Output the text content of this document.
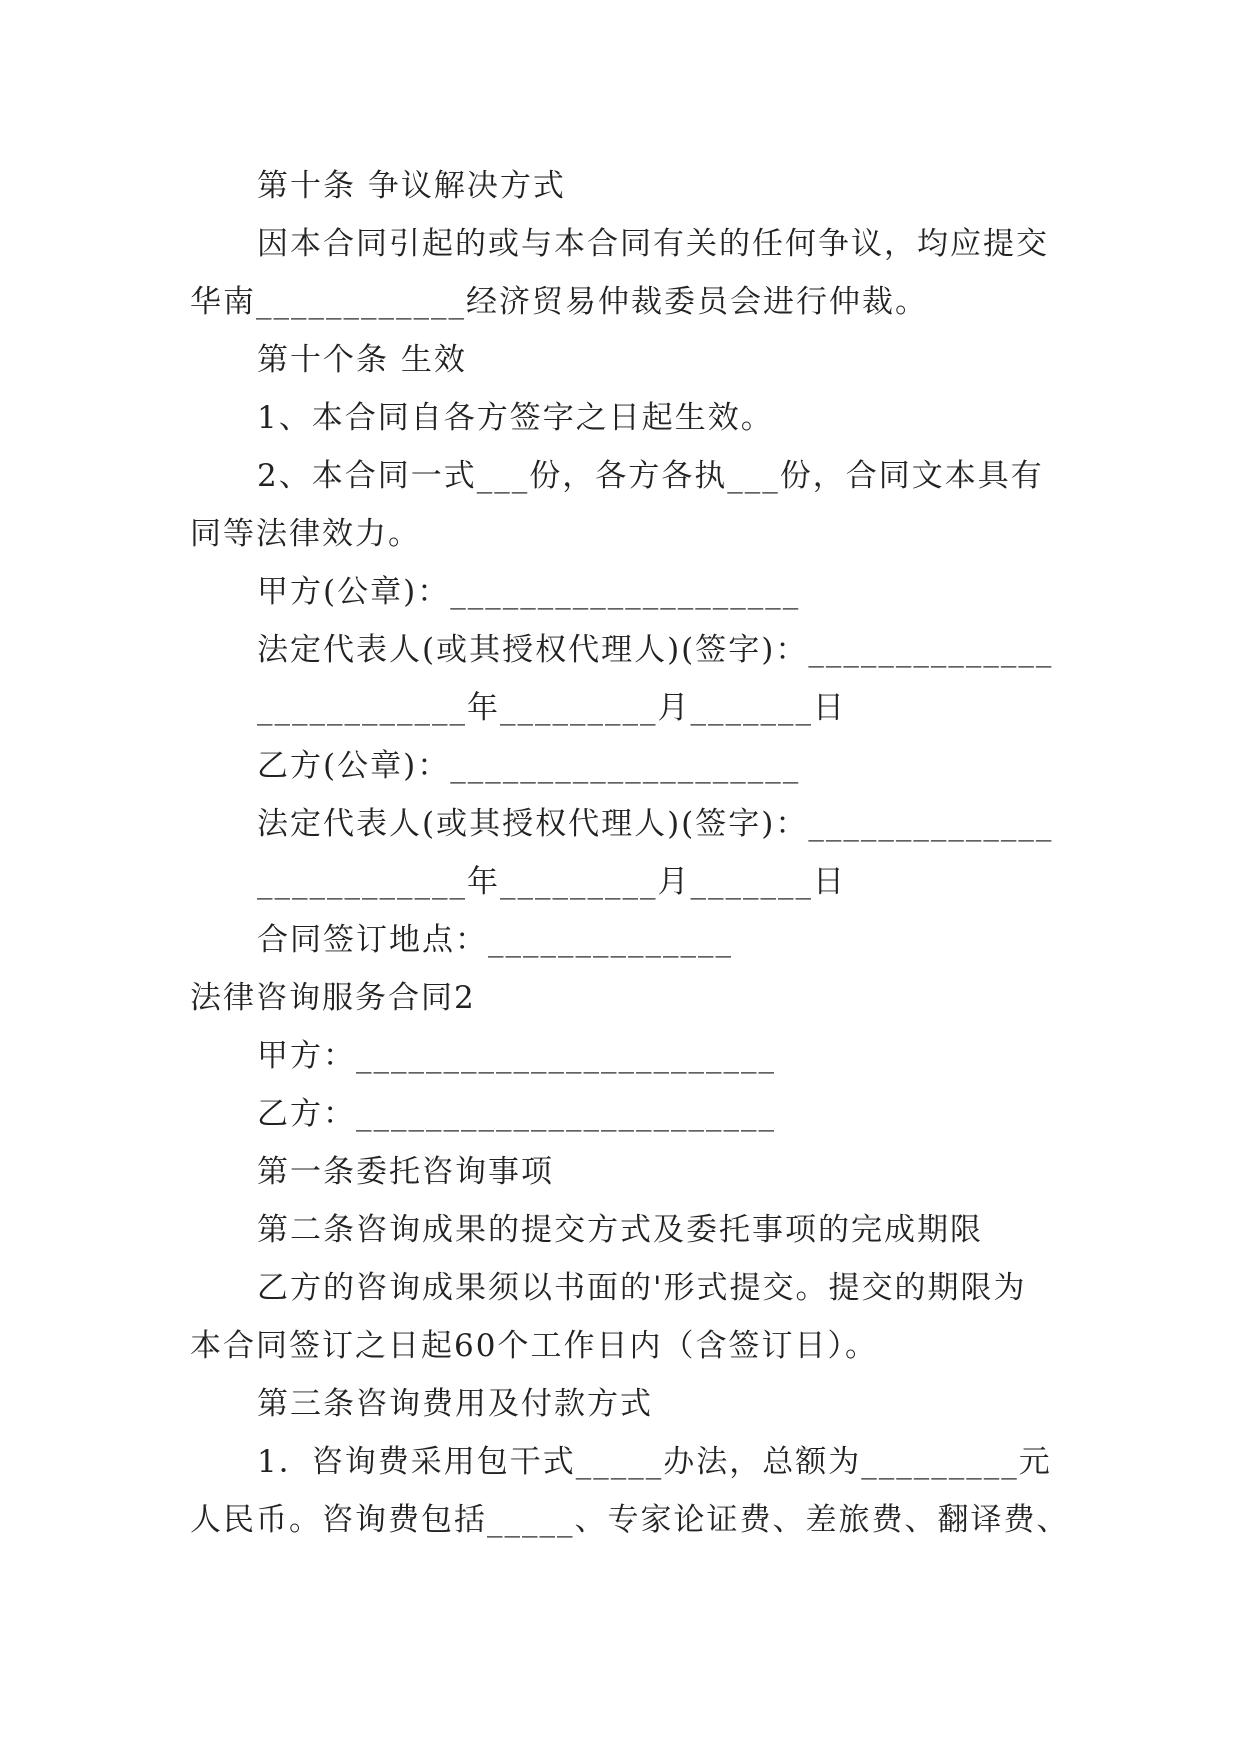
第十条 争议解决方式
因本合同引起的或与本合同有关的任何争议，均应提交
华南____________经济贸易仲裁委员会进行仲裁。
第十个条 生效
1、本合同自各方签字之日起生效。
2、本合同一式___份，各方各执___份，合同文本具有
同等法律效力。
甲方(公章)：____________________
法定代表人(或其授权代理人)(签字)：______________
____________年_________月_______日
乙方(公章)：____________________
法定代表人(或其授权代理人)(签字)：______________
____________年_________月_______日
合同签订地点：______________
法律咨询服务合同2
甲方：________________________
乙方：________________________
第一条委托咨询事项
第二条咨询成果的提交方式及委托事项的完成期限
乙方的咨询成果须以书面的'形式提交。提交的期限为
本合同签订之日起60个工作日内（含签订日）。
第三条咨询费用及付款方式
1．咨询费采用包干式_____办法，总额为_________元
人民币。咨询费包括_____、专家论证费、差旅费、翻译费、
